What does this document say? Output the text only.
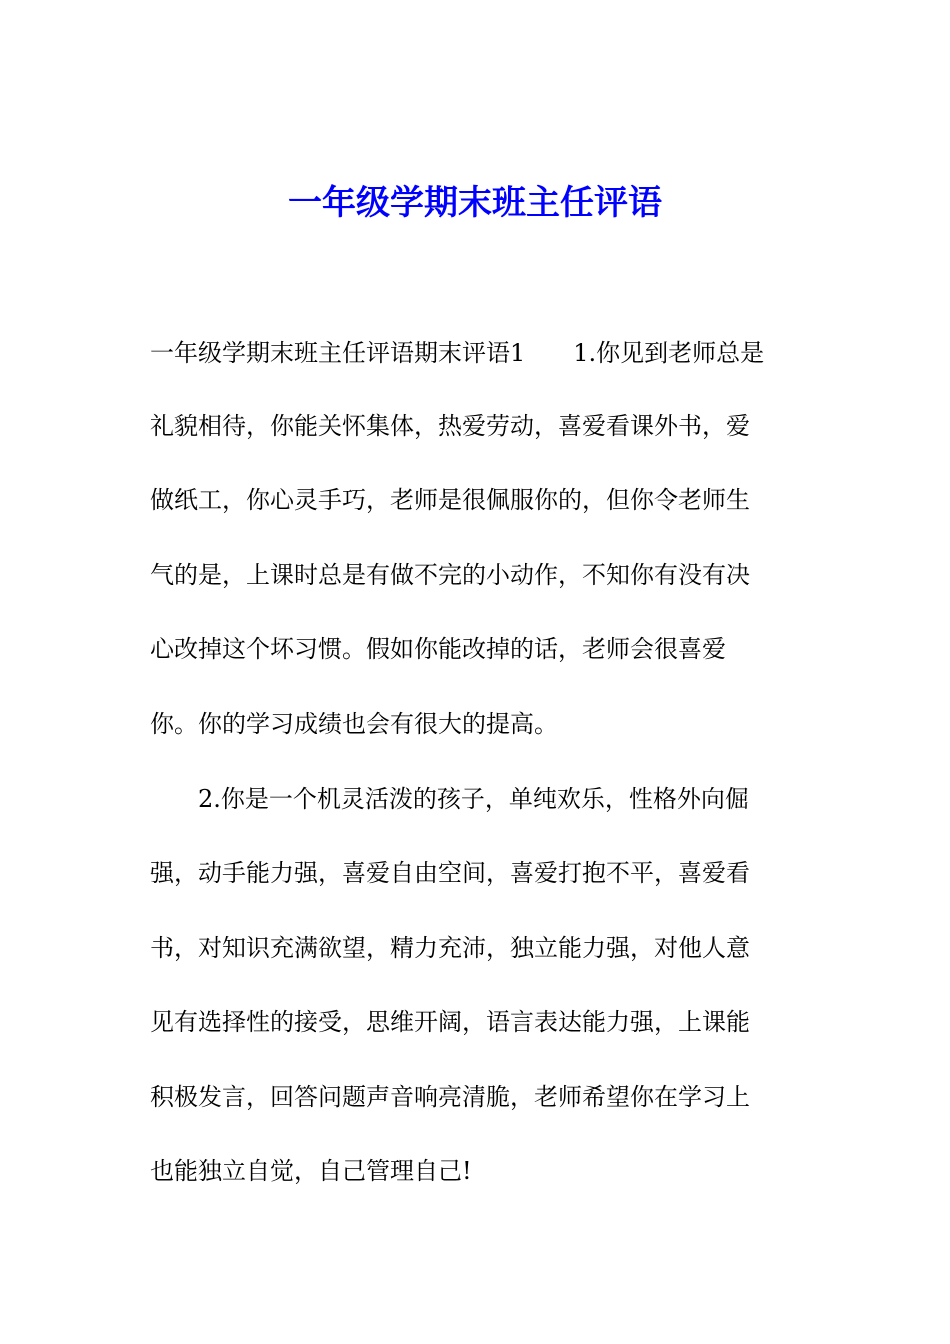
一年级学期末班主任评语
一年级学期末班主任评语期末评语1　　1.你见到老师总是
礼貌相待，你能关怀集体，热爱劳动，喜爱看课外书，爱
做纸工，你心灵手巧，老师是很佩服你的，但你令老师生
气的是，上课时总是有做不完的小动作，不知你有没有决
心改掉这个坏习惯。假如你能改掉的话，老师会很喜爱
你。你的学习成绩也会有很大的提高。
　　2.你是一个机灵活泼的孩子，单纯欢乐，性格外向倔
强，动手能力强，喜爱自由空间，喜爱打抱不平，喜爱看
书，对知识充满欲望，精力充沛，独立能力强，对他人意
见有选择性的接受，思维开阔，语言表达能力强，上课能
积极发言，回答问题声音响亮清脆，老师希望你在学习上
也能独立自觉，自己管理自己!
